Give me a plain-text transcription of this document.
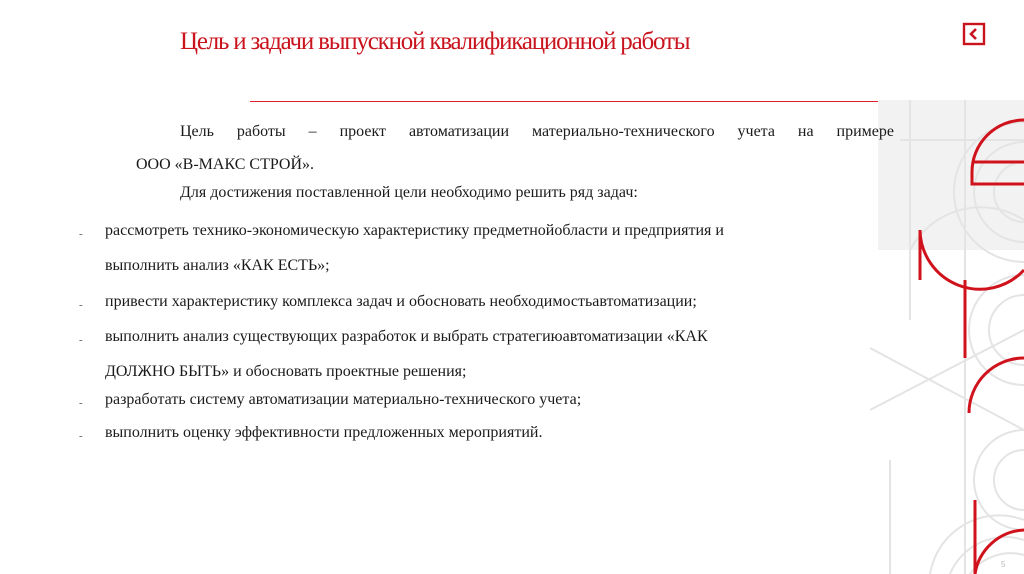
Цель и задачи выпускной квалификационной работы
Цель работы – проект автоматизации материально-технического учета на примере
ООО «В-МАКС СТРОЙ».
Для достижения поставленной цели необходимо решить ряд задач:
- рассмотреть технико-экономическую характеристику предметнойобласти и предприятия и
выполнить анализ «КАК ЕСТЬ»;
- привести характеристику комплекса задач и обосновать необходимостьавтоматизации;
- выполнить анализ существующих разработок и выбрать стратегиюавтоматизации «КАК
ДОЛЖНО БЫТЬ» и обосновать проектные решения;
- разработать систему автоматизации материально-технического учета;
- выполнить оценку эффективности предложенных мероприятий.
5
